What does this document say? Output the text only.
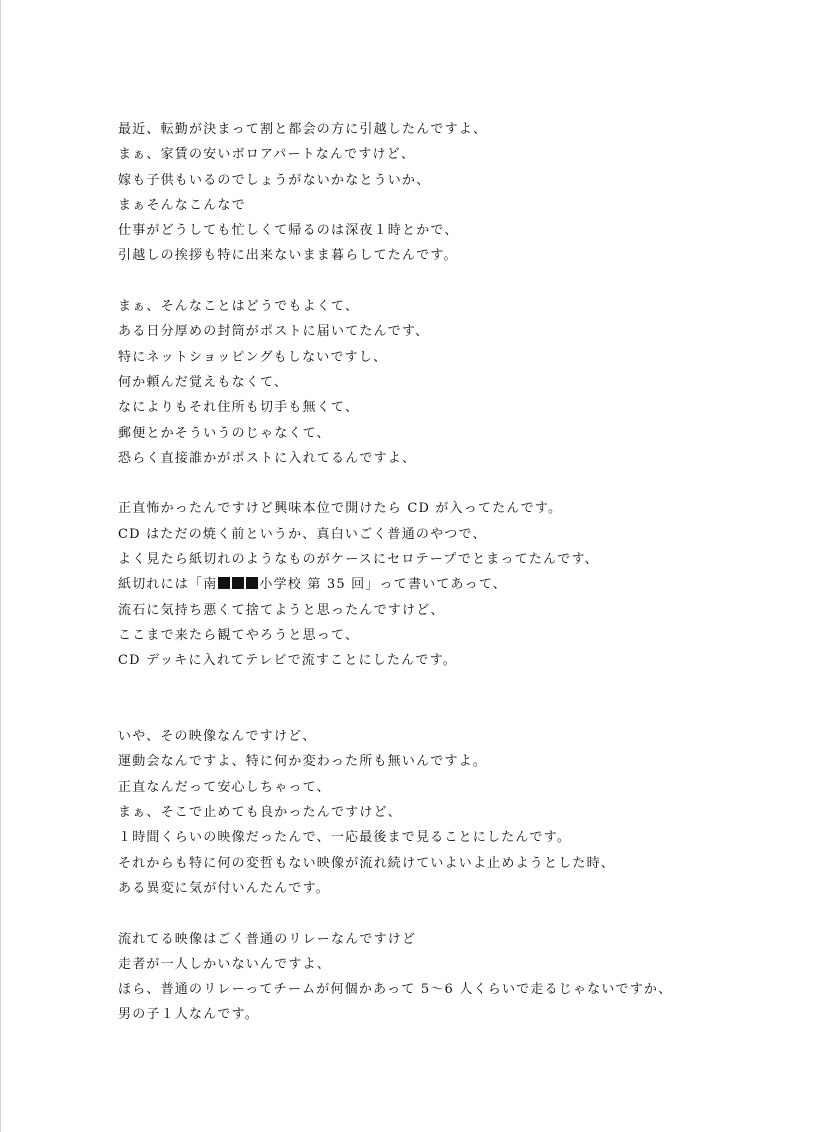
最近、転勤が決まって割と都会の方に引越したんですよ、
まぁ、家賃の安いボロアパートなんですけど、
嫁も子供もいるのでしょうがないかなとういか、
まぁそんなこんなで
仕事がどうしても忙しくて帰るのは深夜１時とかで、
引越しの挨拶も特に出来ないまま暮らしてたんです。
まぁ、そんなことはどうでもよくて、
ある日分厚めの封筒がポストに届いてたんです、
特にネットショッピングもしないですし、
何か頼んだ覚えもなくて、
なによりもそれ住所も切手も無くて、
郵便とかそういうのじゃなくて、
恐らく直接誰かがポストに入れてるんですよ、
正直怖かったんですけど興味本位で開けたら CD が入ってたんです。
CD はただの焼く前というか、真白いごく普通のやつで、
よく見たら紙切れのようなものがケースにセロテープでとまってたんです、
紙切れには「南	小学校 第 35 回」って書いてあって、
流石に気持ち悪くて捨てようと思ったんですけど、
ここまで来たら観てやろうと思って、
CD デッキに入れてテレビで流すことにしたんです。
いや、その映像なんですけど、
運動会なんですよ、特に何か変わった所も無いんですよ。
正直なんだって安心しちゃって、
まぁ、そこで止めても良かったんですけど、
１時間くらいの映像だったんで、一応最後まで見ることにしたんです。
それからも特に何の変哲もない映像が流れ続けていよいよ止めようとした時、
ある異変に気が付いんたんです。
流れてる映像はごく普通のリレーなんですけど
走者が一人しかいないんですよ、
ほら、普通のリレーってチームが何個かあって 5〜6 人くらいで走るじゃないですか、
男の子１人なんです。
